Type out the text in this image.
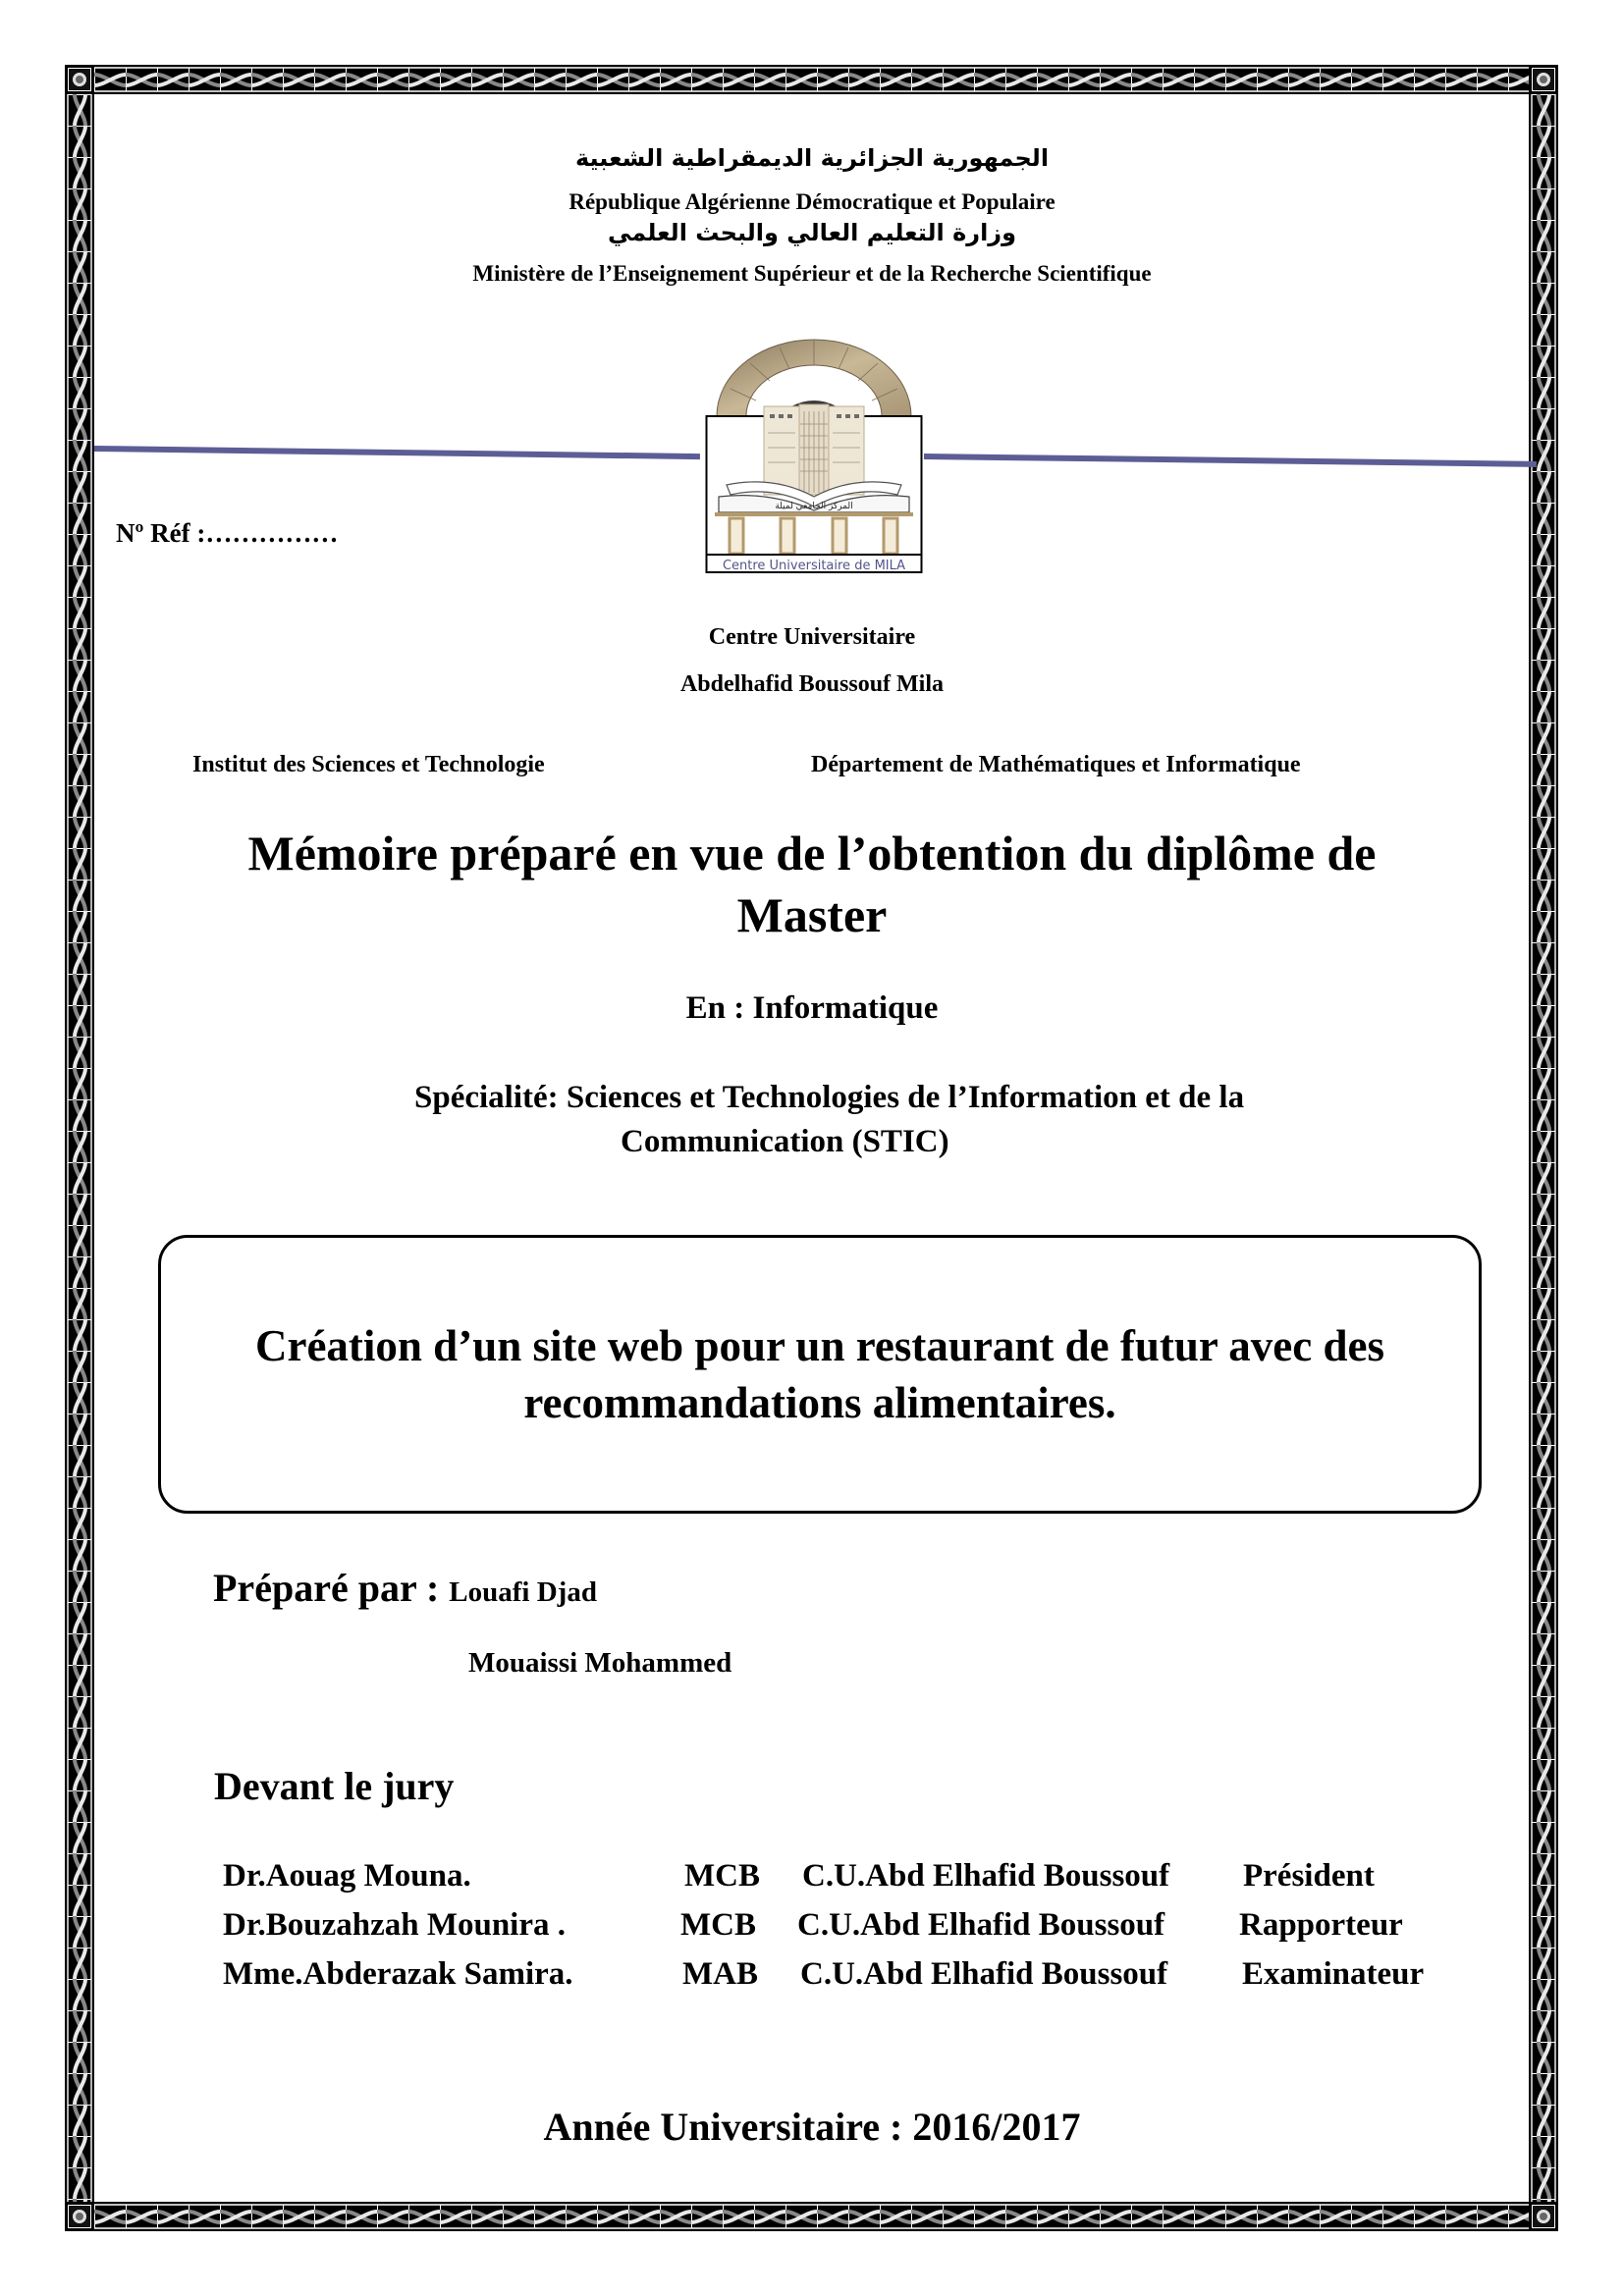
الجمهورية الجزائرية الديمقراطية الشعبية
République Algérienne Démocratique et Populaire
وزارة التعليم العالي والبحث العلمي
Ministère de l’Enseignement Supérieur et de la Recherche Scientifique
المركز الجامعي لميلة
Centre Universitaire de MILA
Nº Réf :……………
Centre Universitaire
Abdelhafid Boussouf Mila
Institut des Sciences et Technologie	Département de Mathématiques et Informatique
Mémoire préparé en vue de l’obtention du diplôme de
Master
En : Informatique
Spécialité: Sciences et Technologies de l’Information et de la
Communication (STIC)
Création d’un site web pour un restaurant de futur avec des
recommandations alimentaires.
Préparé par : Louafi Djad
Mouaissi Mohammed
Devant le jury
Dr.Aouag Mouna.	MCB C.U.Abd Elhafid Boussouf Président
Dr.Bouzahzah Mounira .	MCB C.U.Abd Elhafid Boussouf Rapporteur
Mme.Abderazak Samira.	MAB C.U.Abd Elhafid Boussouf Examinateur
Année Universitaire : 2016/2017
